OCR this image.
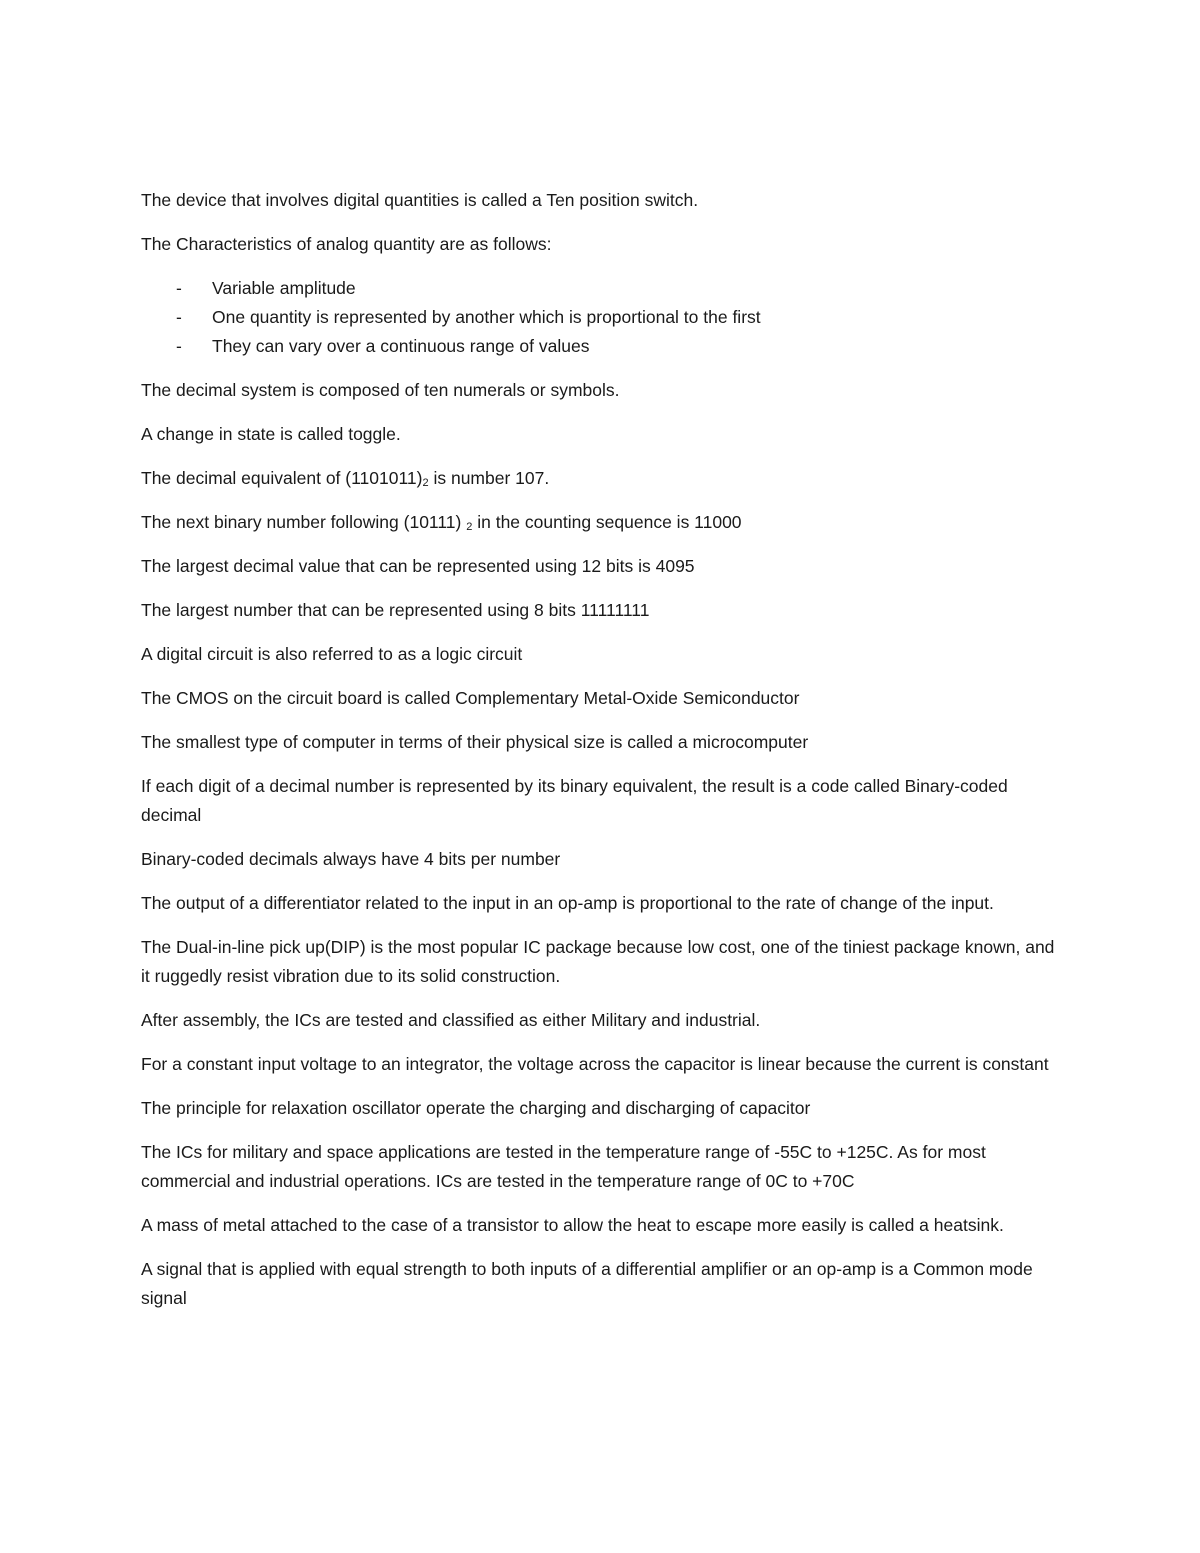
The device that involves digital quantities is called a Ten position switch.

The Characteristics of analog quantity are as follows:

- Variable amplitude
- One quantity is represented by another which is proportional to the first
- They can vary over a continuous range of values

The decimal system is composed of ten numerals or symbols.

A change in state is called toggle.

The decimal equivalent of $(1101011)_2$ is number 107.

The next binary number following (10111) $_2$ in the counting sequence is 11000

The largest decimal value that can be represented using 12 bits is 4095

The largest number that can be represented using 8 bits 11111111

A digital circuit is also referred to as a logic circuit

The CMOS on the circuit board is called Complementary Metal-Oxide Semiconductor

The smallest type of computer in terms of their physical size is called a microcomputer

If each digit of a decimal number is represented by its binary equivalent, the result is a code called Binary-coded decimal

Binary-coded decimals always have 4 bits per number

The output of a differentiator related to the input in an op-amp is proportional to the rate of change of the input.

The Dual-in-line pick up(DIP) is the most popular IC package because low cost, one of the tiniest package known, and it ruggedly resist vibration due to its solid construction.

After assembly, the ICs are tested and classified as either Military and industrial.

For a constant input voltage to an integrator, the voltage across the capacitor is linear because the current is constant

The principle for relaxation oscillator operate the charging and discharging of capacitor

The ICs for military and space applications are tested in the temperature range of -55C to +125C. As for most commercial and industrial operations. ICs are tested in the temperature range of 0C to +70C

A mass of metal attached to the case of a transistor to allow the heat to escape more easily is called a heatsink.

A signal that is applied with equal strength to both inputs of a differential amplifier or an op-amp is a Common mode signal
